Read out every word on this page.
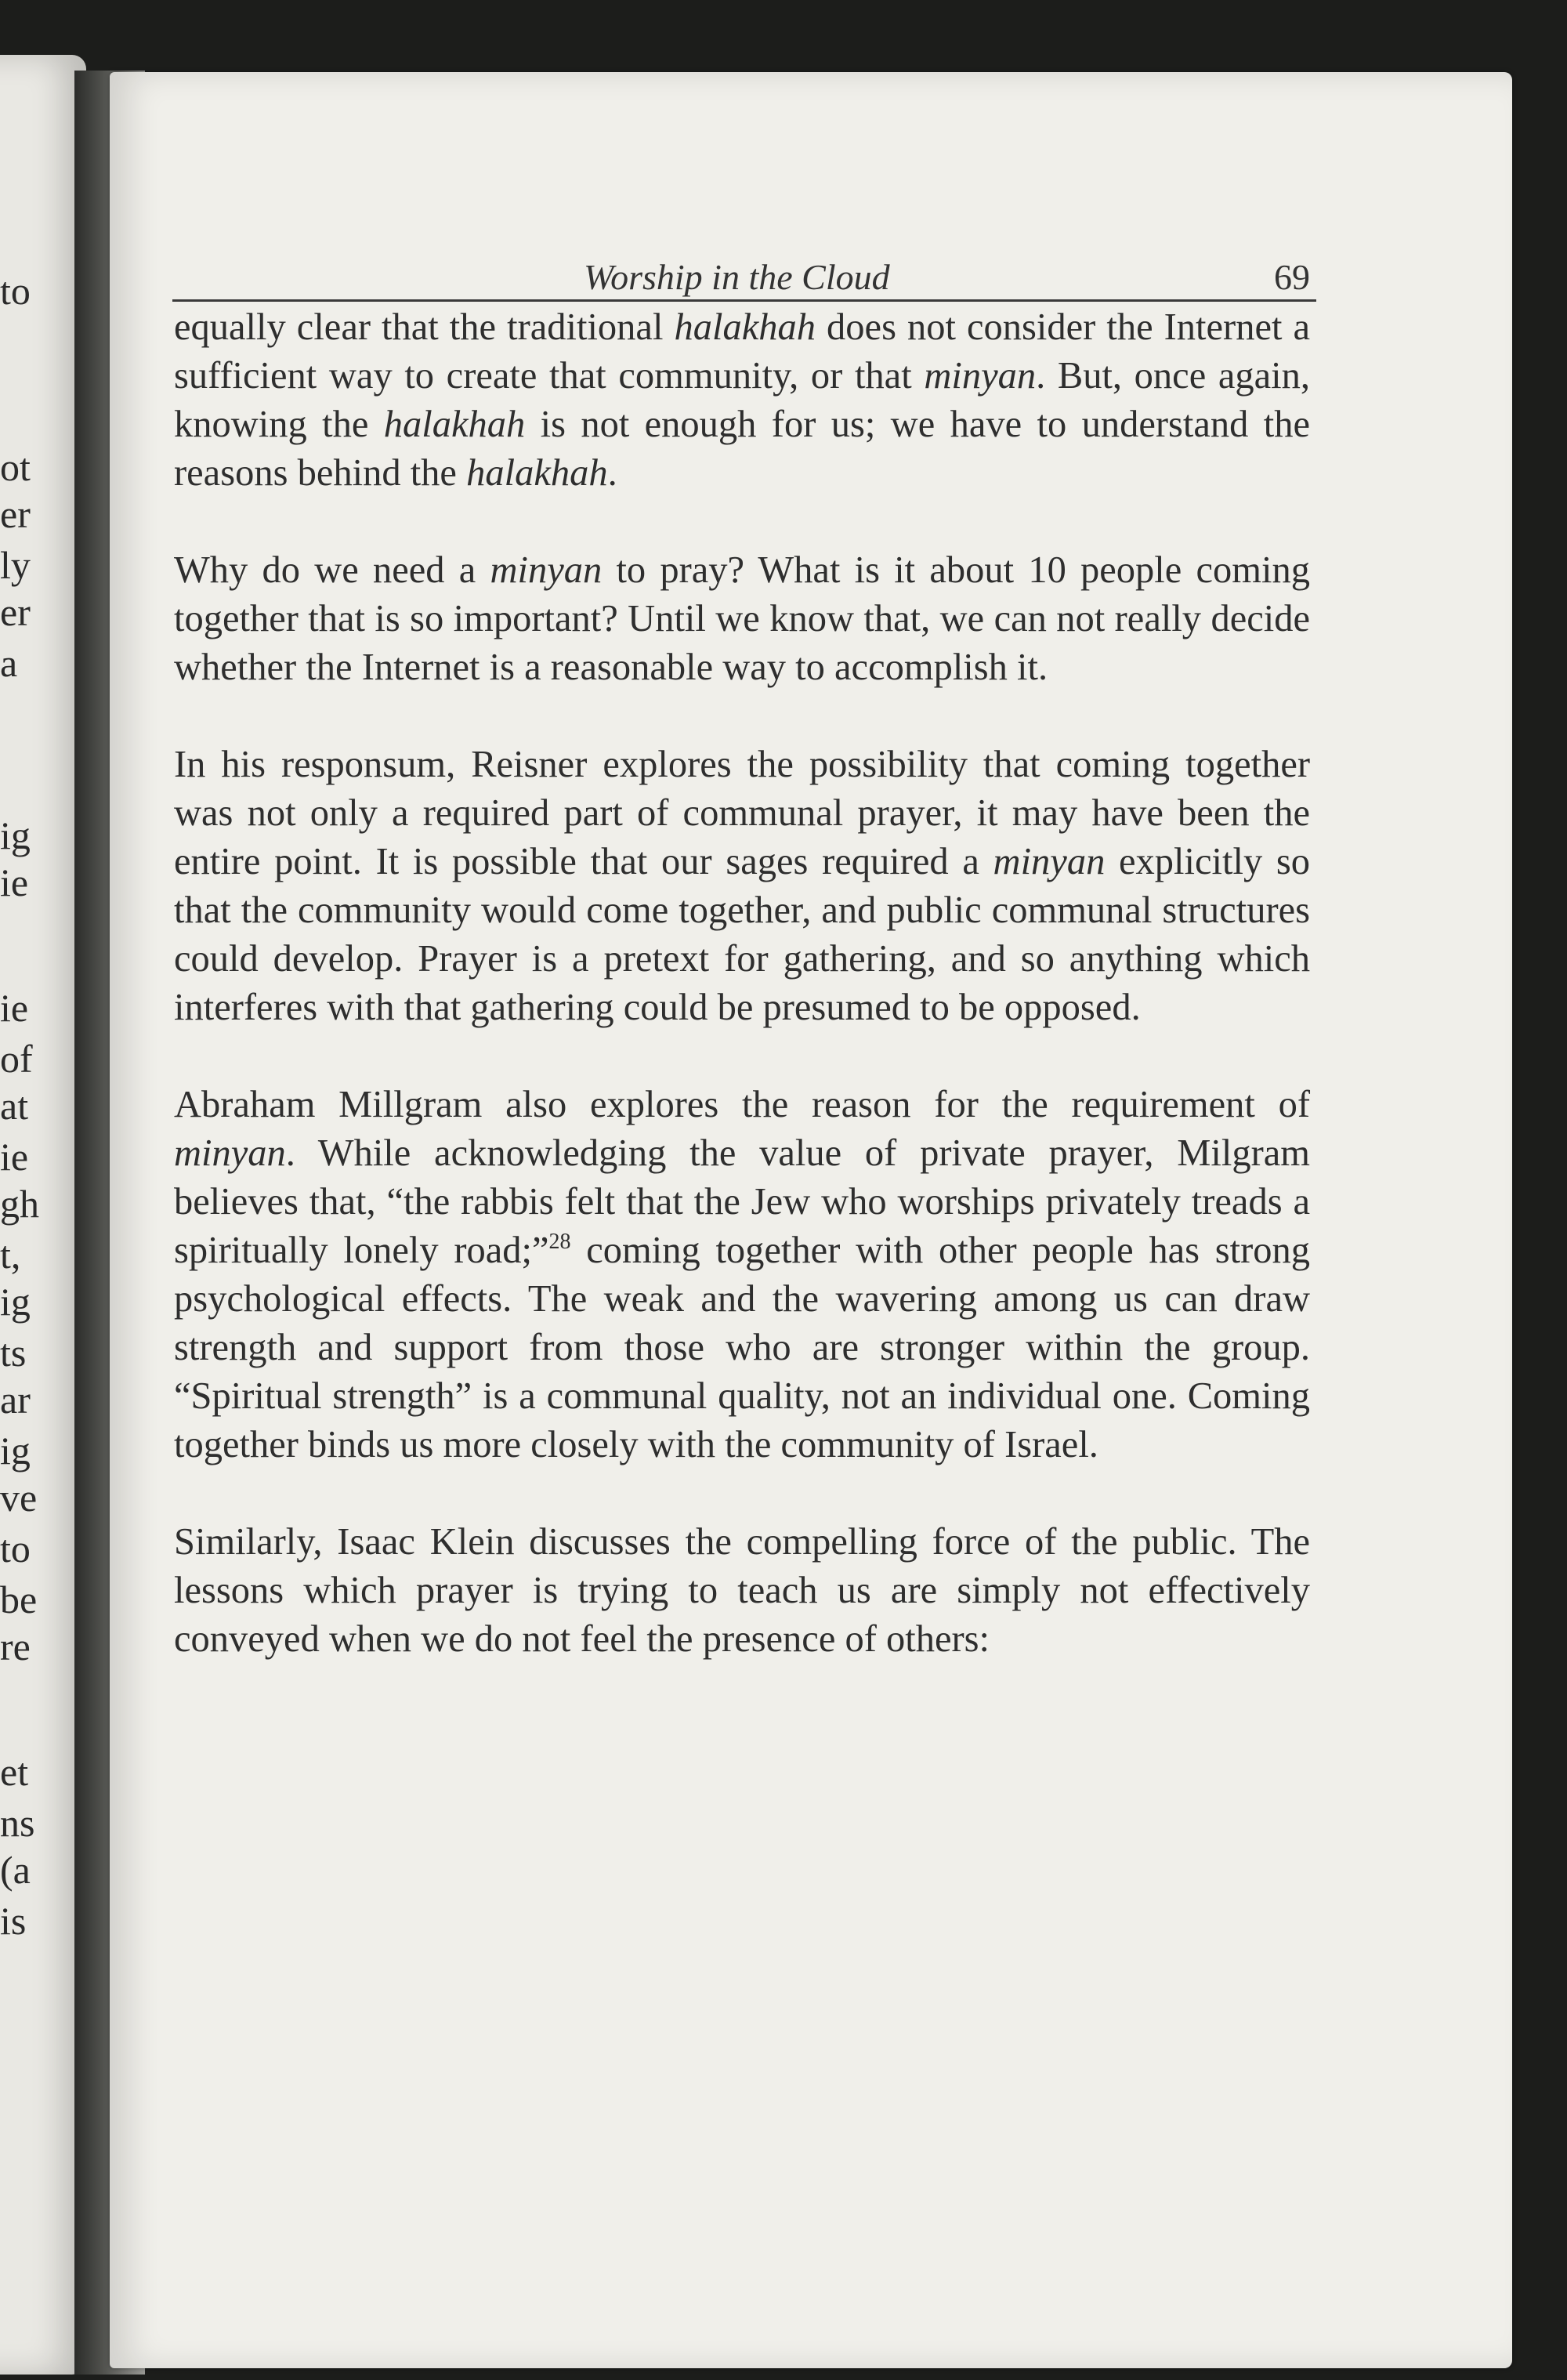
to
ot
er
ly
er
a
ig
ie
ie
of
at
ie
gh
t,
ig
ts
ar
ig
ve
to
be
re
et
ns
(a
is
Worship in the Cloud	69

equally clear that the traditional halakhah does not consider the Internet a sufficient way to create that community, or that minyan. But, once again, knowing the halakhah is not enough for us; we have to understand the reasons behind the halakhah.

Why do we need a minyan to pray? What is it about 10 people coming together that is so important? Until we know that, we can not really decide whether the Internet is a reasonable way to accomplish it.

In his responsum, Reisner explores the possibility that coming together was not only a required part of communal prayer, it may have been the entire point. It is possible that our sages required a minyan explicitly so that the community would come together, and public communal structures could develop. Prayer is a pretext for gathering, and so anything which interferes with that gathering could be presumed to be opposed.

Abraham Millgram also explores the reason for the requirement of minyan. While acknowledging the value of private prayer, Milgram believes that, “the rabbis felt that the Jew who worships privately treads a spiritually lonely road;”$^{28}$ coming together with other people has strong psychological effects. The weak and the wavering among us can draw strength and support from those who are stronger within the group. “Spiritual strength” is a communal quality, not an individual one. Coming together binds us more closely with the community of Israel.

Similarly, Isaac Klein discusses the compelling force of the public. The lessons which prayer is trying to teach us are simply not effectively conveyed when we do not feel the presence of others:
